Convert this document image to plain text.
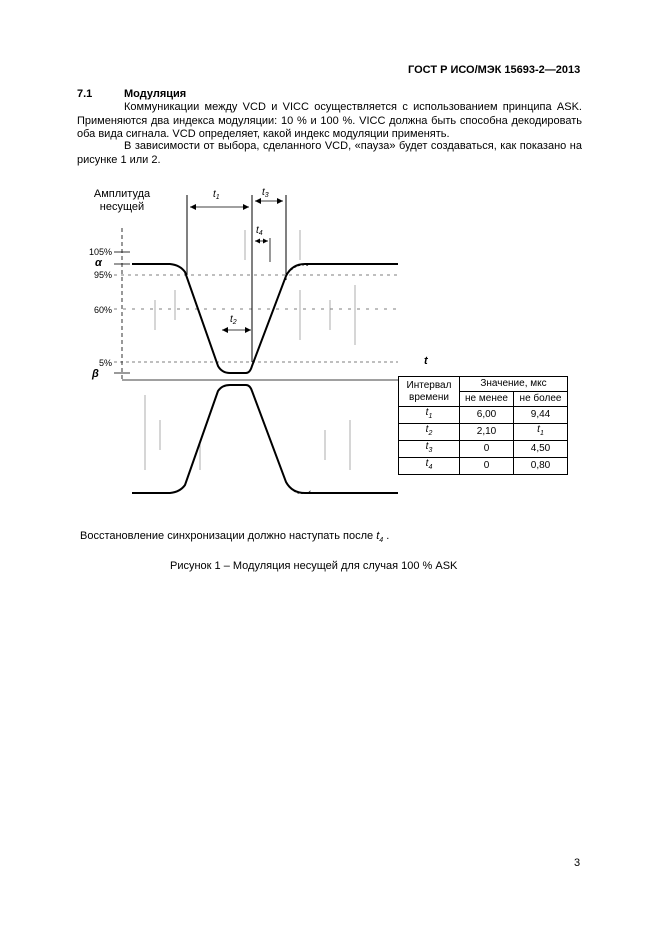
ГОСТ Р ИСО/МЭК 15693-2—2013
7.1	Модуляция
Коммуникации между VCD и VICC осуществляется с использованием принципа ASK. Применяются два индекса модуляции: 10 % и 100 %. VICC должна быть способна декодировать оба вида сигнала. VCD определяет, какой индекс модуляции применять.
В зависимости от выбора, сделанного VCD, «пауза» будет создаваться, как показано на рисунке 1 или 2.
Амплитуда
несущей
105%
α
95%
60%
5%
β
t
$t_1$	$t_3$
$t_4$
$t_2$
Интервал
времени	Значение, мкс	
	не менее	не более
$t_1$	6,00	9,44
$t_2$	2,10	$t_1$
$t_3$	0	4,50
$t_4$	0	0,80
Восстановление синхронизации должно наступать после $t_4$ .
Рисунок 1 – Модуляция несущей для случая 100 % ASK
3
